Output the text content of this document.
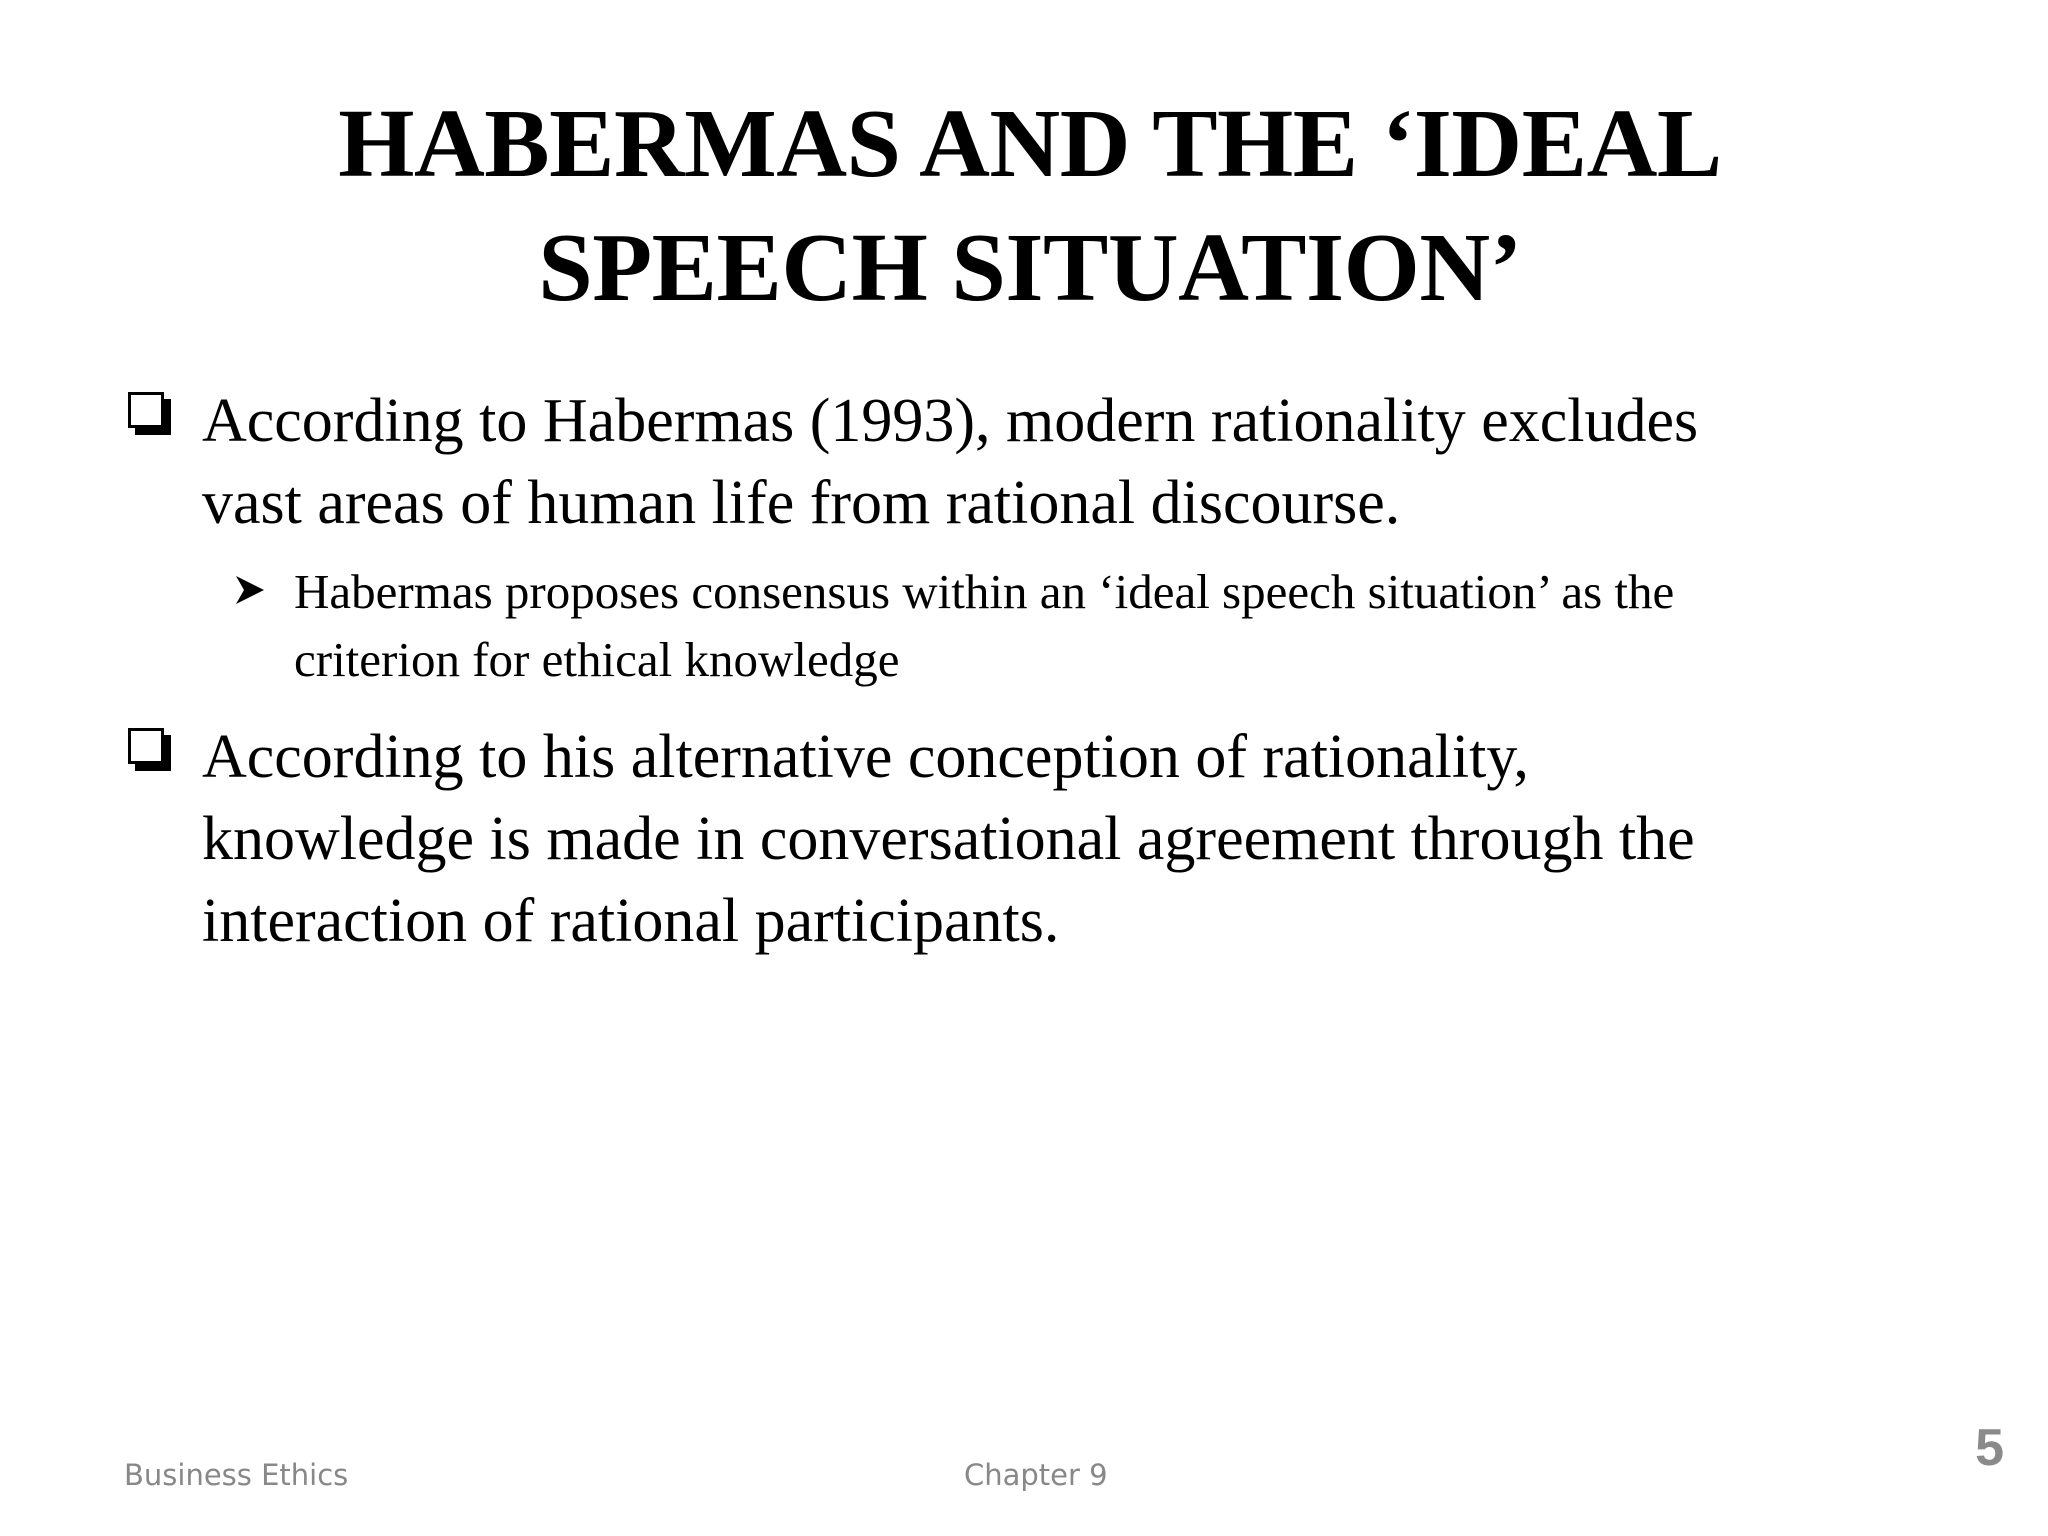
HABERMAS AND THE ‘IDEAL
SPEECH SITUATION’
According to Habermas (1993), modern rationality excludes
vast areas of human life from rational discourse.
Habermas proposes consensus within an ‘ideal speech situation’ as the
criterion for ethical knowledge
According to his alternative conception of rationality,
knowledge is made in conversational agreement through the
interaction of rational participants.
Business Ethics	Chapter 9	5
